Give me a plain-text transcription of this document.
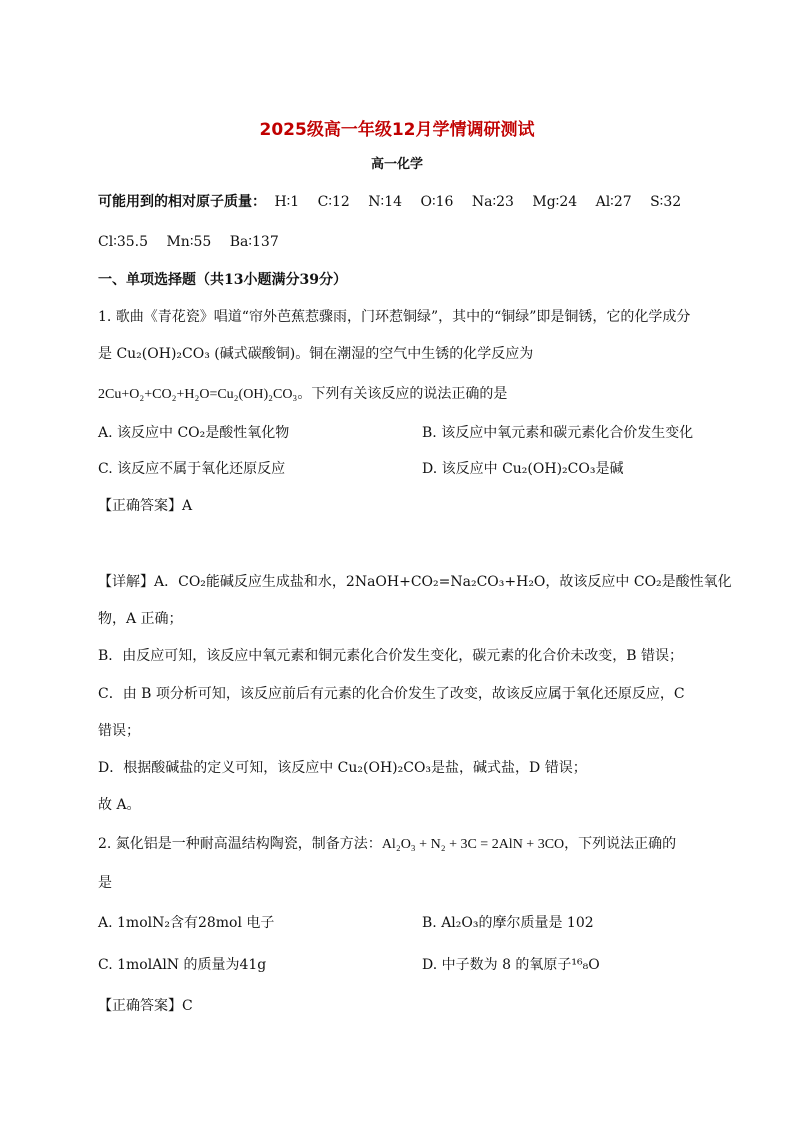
2025级高一年级12月学情调研测试
高一化学
可能用到的相对原子质量： H∶1 C∶12 N∶14 O∶16 Na∶23 Mg∶24 Al∶27 S∶32
Cl∶35.5 Mn∶55 Ba∶137
一、单项选择题（共13小题满分39分）
1. 歌曲《青花瓷》唱道“帘外芭蕉惹骤雨，门环惹铜绿”，其中的“铜绿”即是铜锈，它的化学成分
是 Cu₂(OH)₂CO₃ (碱式碳酸铜)。铜在潮湿的空气中生锈的化学反应为
2Cu+O₂+CO₂+H₂O=Cu₂(OH)₂CO₃。下列有关该反应的说法正确的是
A. 该反应中 CO₂是酸性氧化物	B. 该反应中氧元素和碳元素化合价发生变化
C. 该反应不属于氧化还原反应	D. 该反应中 Cu₂(OH)₂CO₃是碱
【正确答案】A
【详解】A．CO₂能碱反应生成盐和水，2NaOH+CO₂=Na₂CO₃+H₂O，故该反应中 CO₂是酸性氧化
物，A 正确；
B．由反应可知，该反应中氧元素和铜元素化合价发生变化，碳元素的化合价未改变，B 错误；
C．由 B 项分析可知，该反应前后有元素的化合价发生了改变，故该反应属于氧化还原反应，C
错误；
D．根据酸碱盐的定义可知，该反应中 Cu₂(OH)₂CO₃是盐，碱式盐，D 错误；
故 A。
2. 氮化铝是一种耐高温结构陶瓷，制备方法：Al₂O₃ + N₂ + 3C = 2AlN + 3CO，下列说法正确的
是
A. 1molN₂含有28mol 电子	B. Al₂O₃的摩尔质量是 102
C. 1molAlN 的质量为41g	D. 中子数为 8 的氧原子¹⁶₈O
【正确答案】C
